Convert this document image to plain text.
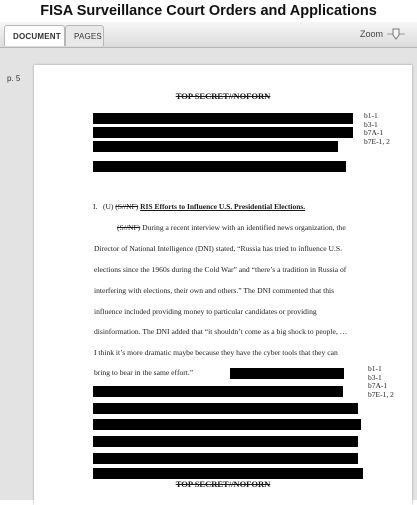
FISA Surveillance Court Orders and Applications
DOCUMENT	PAGES	Zoom
p. 5
TOP SECRET//NOFORN
b1-1
b3-1
b7A-1
b7E-1, 2
I. (U) (S//NF) RIS Efforts to Influence U.S. Presidential Elections.
(S//NF) During a recent interview with an identified news organization, the
Director of National Intelligence (DNI) stated, “Russia has tried to influence U.S.
elections since the 1960s during the Cold War” and “there’s a tradition in Russia of
interfering with elections, their own and others.” The DNI commented that this
influence included providing money to particular candidates or providing
disinformation. The DNI added that “it shouldn’t come as a big shock to people, …
I think it’s more dramatic maybe because they have the cyber tools that they can
bring to bear in the same effort.”	b1-1
b3-1
b7A-1
b7E-1, 2
TOP SECRET//NOFORN
